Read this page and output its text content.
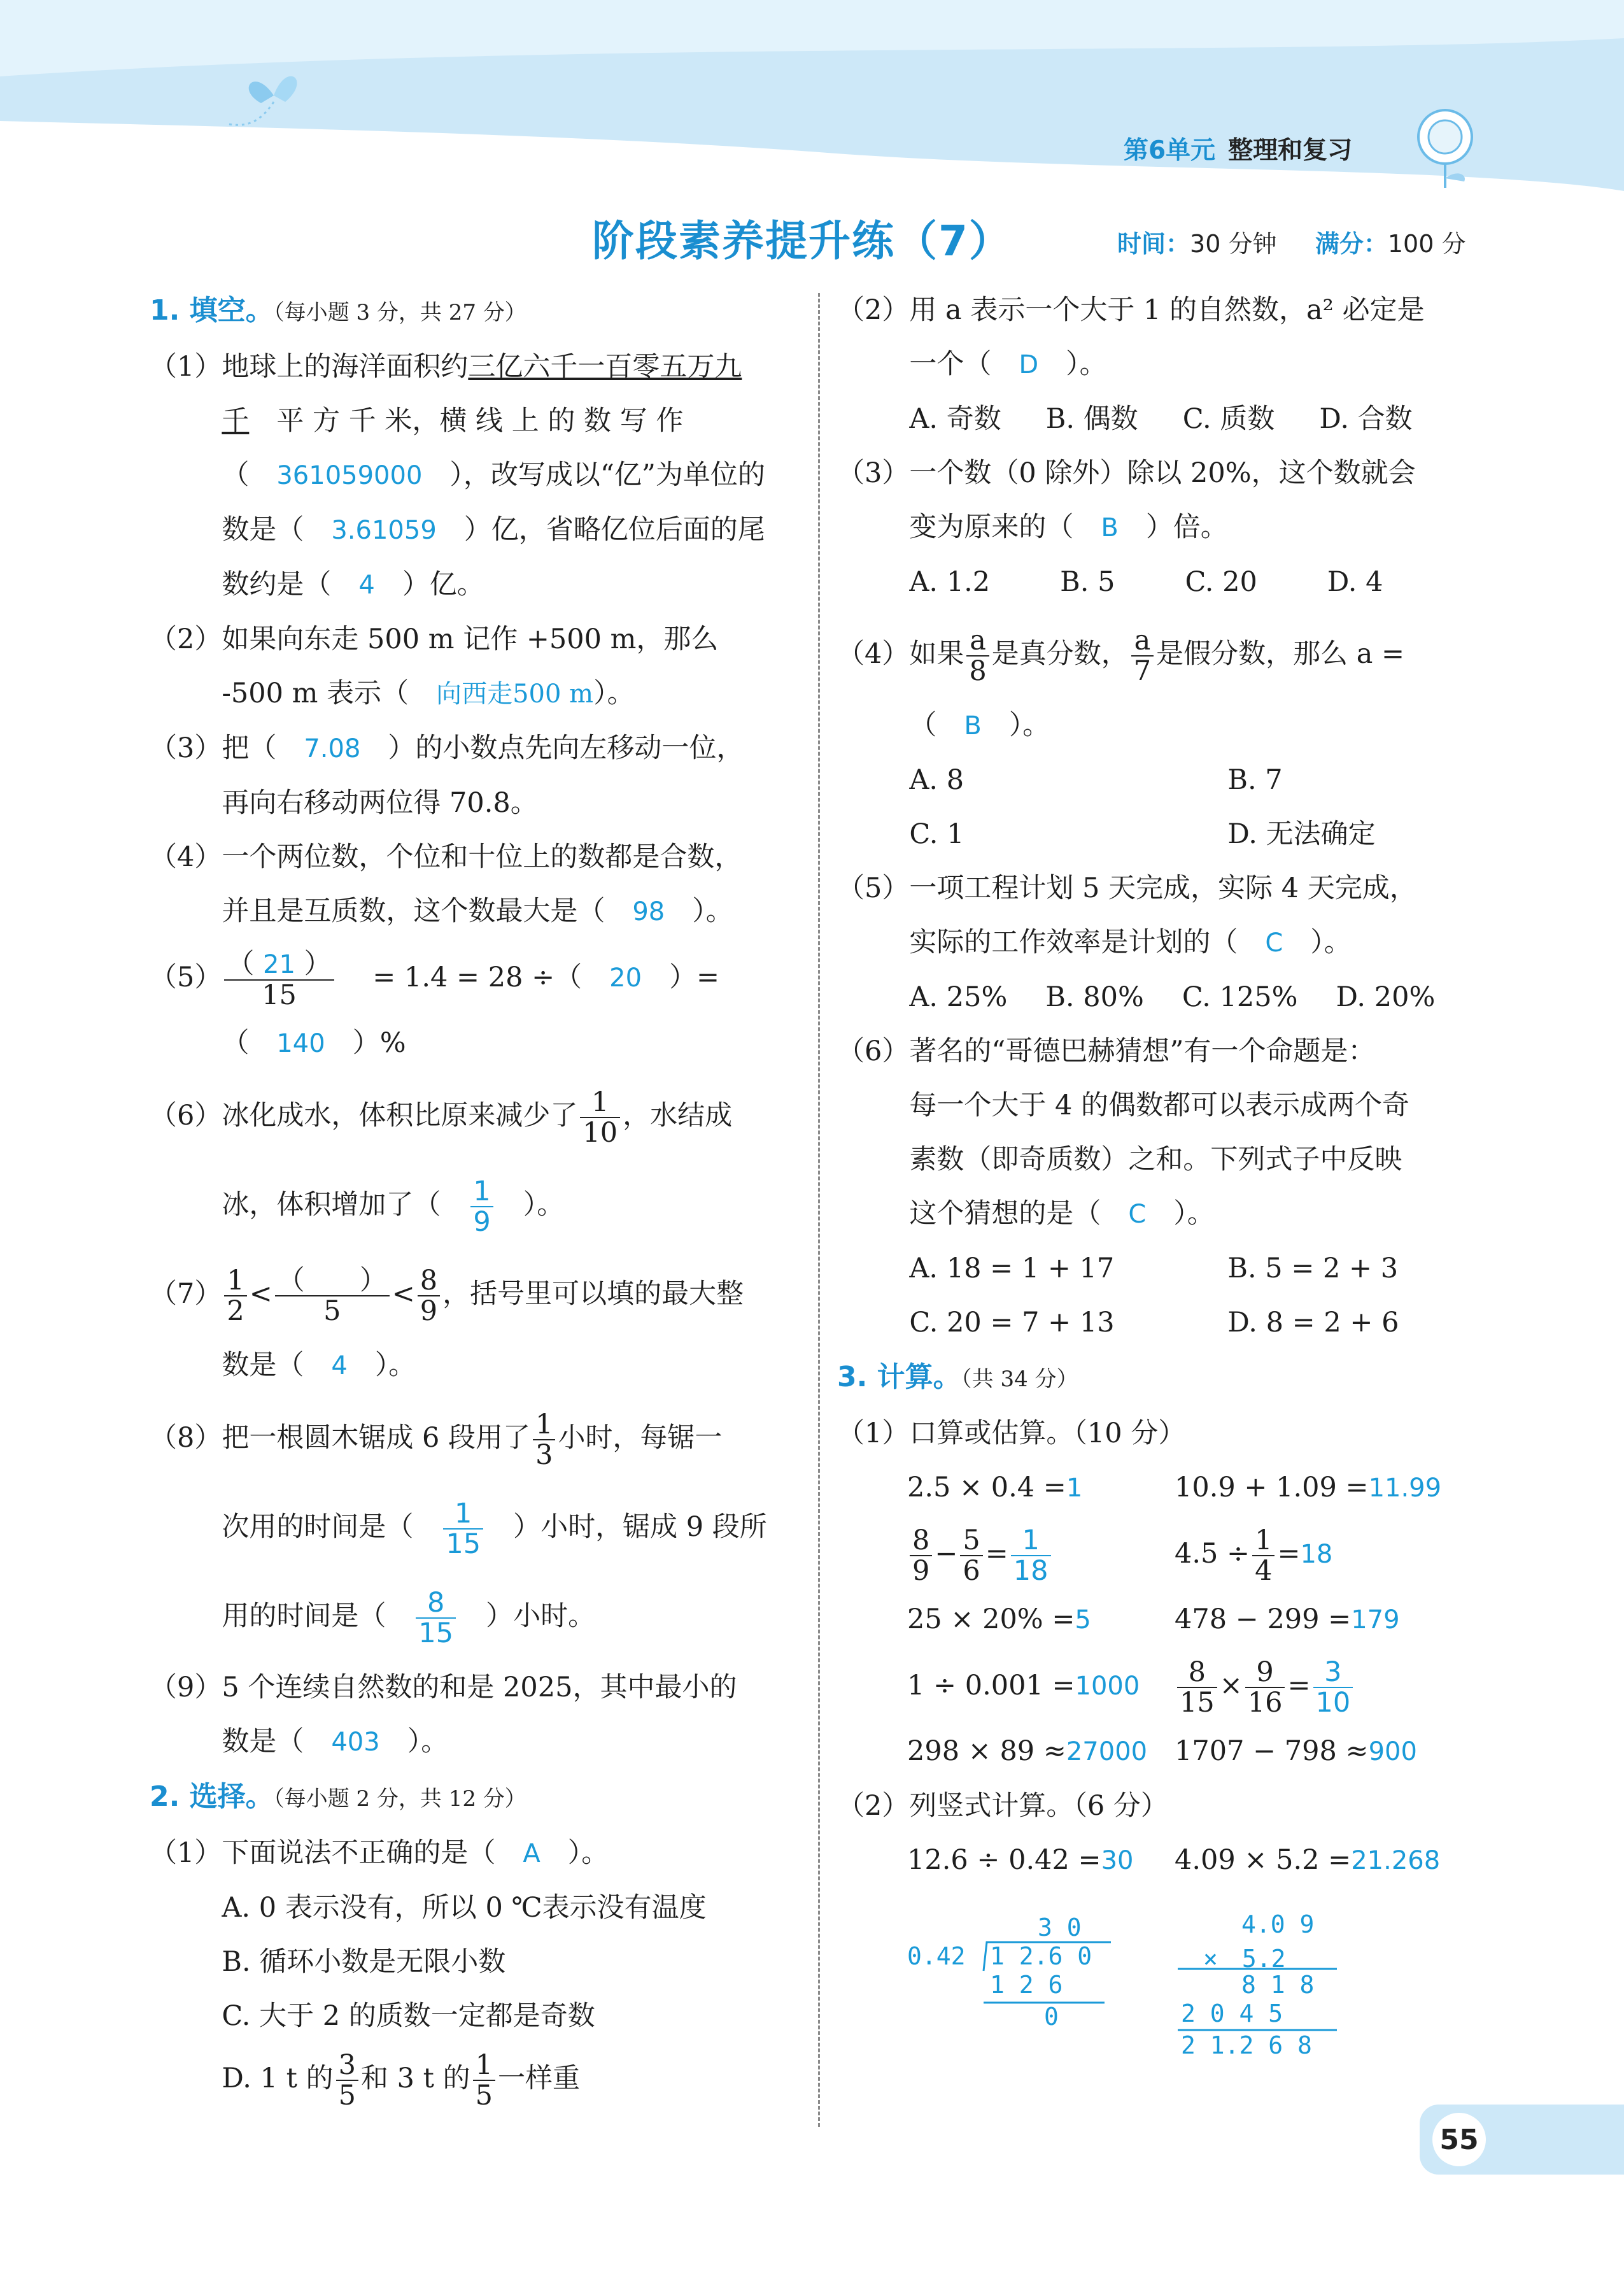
第6单元 整理和复习
阶段素养提升练（7）	时间：30 分钟 满分：100 分
1. 填空。（每小题 3 分，共 27 分）
（1） 地球上的海洋面积约三亿六千一百零五万九
千　 平 方 千 米，横 线 上 的 数 写 作
（　361059000　 ），改写成以“亿”为单位的
数是（　 3.61059　 ）亿，省略亿位后面的尾
数约是（　 4　 ）亿。
（2） 如果向东走 500 m 记作 +500 m，那么
-500 m 表示（　 向西走500 m）。
（3） 把（　 7.08　 ）的小数点先向左移动一位，
再向右移动两位得 70.8。
（4） 一个两位数，个位和十位上的数都是合数，
并且是互质数，这个数最大是（　 98　 ）。
$(5) \frac{( 21 )}{15}$
　 = 1.4 = 28 ÷（　 20　 ）=
（　140　 ）%
（6） 冰化成水，体积比原来减少了 $\frac{1}{10}$ ，水结成
冰，体积增加了（　 $\frac{1}{9}$
　 ）。
$(7) \frac{1}{2} < \frac{( )}{5} < \frac{8}{9}$ ，括号里可以填的最大整
数是（　 4　 ）。
（8） 把一根圆木锯成 6 段用了 $\frac{1}{3}$ 小时，每锯一
次用的时间是（　 $\frac{1}{15}$
　 ）小时，锯成 9 段所
用的时间是（　 $\frac{8}{15}$
　 ）小时。
（9） 5 个连续自然数的和是 2025，其中最小的
数是（　 403　 ）。
2. 选择。（每小题 2 分，共 12 分）
（1） 下面说法不正确的是（　 A　 ）。
A. 0 表示没有，所以 0 ℃表示没有温度
B. 循环小数是无限小数
C. 大于 2 的质数一定都是奇数
D. 1 t 的 $\frac{3}{5}$ 和 3 t 的 $\frac{1}{5}$ 一样重
（2） 用 a 表示一个大于 1 的自然数，a² 必定是
一个（　 D　 ）。
A. 奇数 B. 偶数 C. 质数 D. 合数
（3） 一个数（0 除外）除以 20%，这个数就会
变为原来的（　 B　 ）倍。
A. 1.2	B. 5	C. 20	D. 4
（4） 如果 $\frac{a}{8}$ 是真分数， $\frac{a}{7}$ 是假分数，那么 a =
（　 B　 ）。
A. 8	B. 7
C. 1	D. 无法确定
（5） 一项工程计划 5 天完成，实际 4 天完成，
实际的工作效率是计划的（　 C　 ）。
A. 25% B. 80% C. 125% D. 20%
（6） 著名的“哥德巴赫猜想”有一个命题是：
每一个大于 4 的偶数都可以表示成两个奇
素数（即奇质数）之和。下列式子中反映
这个猜想的是（　 C　 ）。
A. 18 = 1 + 17	B. 5 = 2 + 3
C. 20 = 7 + 13	D. 8 = 2 + 6
3. 计算。（共 34 分）
（1） 口算或估算。（10 分）
2.5 × 0.4 =1	10.9 + 1.09 =11.99
$\frac{8}{9} - \frac{5}{6} = \frac{1}{18}$	$4.5 \div \frac{1}{4} =18$
25 × 20% =5	478 − 299 =179
1 ÷ 0.001 =1000	$\frac{8}{15} \times \frac{9}{16} = \frac{3}{10}$
298 × 89 ≈27000 1707 − 798 ≈900
（2） 列竖式计算。（6 分）
12.6 ÷ 0.42 =30	4.09 × 5.2 =21.268
3 0
0.42 1 2.6 0
1 2 6
0
4.0 9
×　5.2
8 1 8
2 0 4 5
2 1.2 6 8
55
